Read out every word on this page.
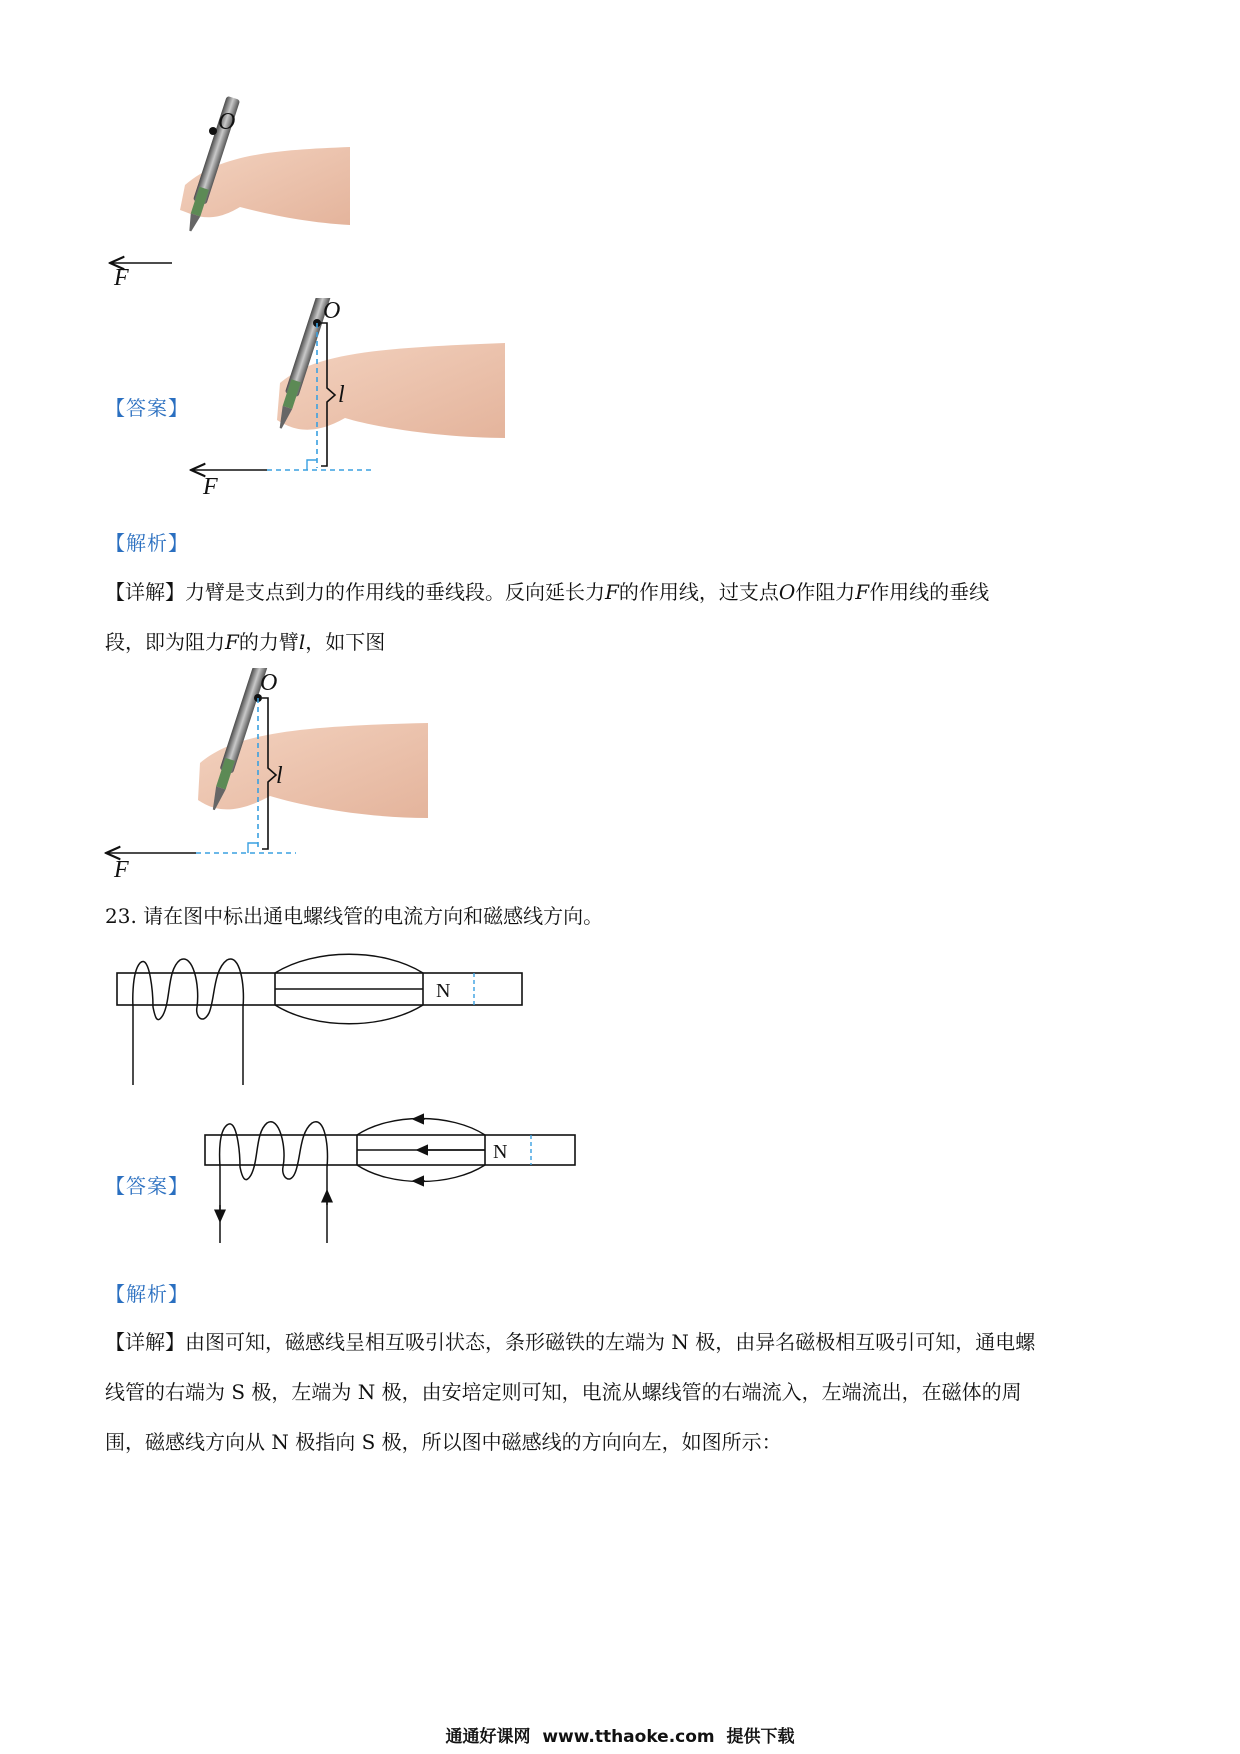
O
F
【答案】
O
l
F
【解析】
【详解】力臂是支点到力的作用线的垂线段。反向延长力F的作用线，过支点O作阻力F作用线的垂线
段，即为阻力F的力臂l，如下图
O
l
F
23. 请在图中标出通电螺线管的电流方向和磁感线方向。
N
【答案】
N
【解析】
【详解】由图可知，磁感线呈相互吸引状态，条形磁铁的左端为 N 极，由异名磁极相互吸引可知，通电螺
线管的右端为 S 极，左端为 N 极，由安培定则可知，电流从螺线管的右端流入，左端流出，在磁体的周
围，磁感线方向从 N 极指向 S 极，所以图中磁感线的方向向左，如图所示：
通通好课网  www.tthaoke.com  提供下载
